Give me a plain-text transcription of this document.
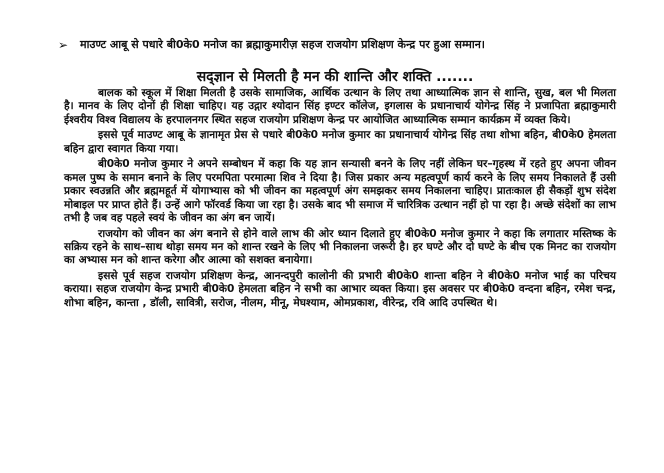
➢	माउण्ट आबू से पधारे बी0के0 मनोज का ब्रह्माकुमारीज़ सहज राजयोग प्रशिक्षण केन्द्र पर हुआ सम्मान।
सद्ज्ञान से मिलती है मन की शान्ति और शक्ति .......

बालक को स्कूल में शिक्षा मिलती है उसके सामाजिक, आर्थिक उत्थान के लिए तथा आध्यात्मिक ज्ञान से शान्ति, सुख, बल भी मिलता है। मानव के लिए दोनों ही शिक्षा चाहिए। यह उद्गार श्योदान सिंह इण्टर कॉलेज, इगलास के प्रधानाचार्य योगेन्द्र सिंह ने प्रजापिता ब्रह्माकुमारी ईश्वरीय विश्व विद्यालय के हरपालनगर स्थित सहज राजयोग प्रशिक्षण केन्द्र पर आयोजित आध्यात्मिक सम्मान कार्यक्रम में व्यक्त किये।

इससे पूर्व माउण्ट आबू के ज्ञानामृत प्रेस से पधारे बी0के0 मनोज कुमार का प्रधानाचार्य योगेन्द्र सिंह तथा शोभा बहिन, बी0के0 हेमलता बहिन द्वारा स्वागत किया गया।

बी0के0 मनोज कुमार ने अपने सम्बोधन में कहा कि यह ज्ञान सन्यासी बनने के लिए नहीं लेकिन घर–गृहस्थ में रहते हुए अपना जीवन कमल पुष्प के समान बनाने के लिए परमपिता परमात्मा शिव ने दिया है। जिस प्रकार अन्य महत्वपूर्ण कार्य करने के लिए समय निकालते हैं उसी प्रकार स्वउन्नति और ब्रह्ममहूर्त में योगाभ्यास को भी जीवन का महत्वपूर्ण अंग समझकर समय निकालना चाहिए। प्रातःकाल ही सैकड़ों शुभ संदेश मोबाइल पर प्राप्त होते हैं। उन्हें आगे फॉरवर्ड किया जा रहा है। उसके बाद भी समाज में चारित्रिक उत्थान नहीं हो पा रहा है। अच्छे संदेशों का लाभ तभी है जब वह पहले स्वयं के जीवन का अंग बन जायें।

राजयोग को जीवन का अंग बनाने से होने वाले लाभ की ओर ध्यान दिलाते हुए बी0के0 मनोज कुमार ने कहा कि लगातार मस्तिष्क के सक्रिय रहने के साथ–साथ थोड़ा समय मन को शान्त रखने के लिए भी निकालना जरूरी है। हर घण्टे और दो घण्टे के बीच एक मिनट का राजयोग का अभ्यास मन को शान्त करेगा और आत्मा को सशक्त बनायेगा।

इससे पूर्व सहज राजयोग प्रशिक्षण केन्द्र, आनन्दपुरी कालोनी की प्रभारी बी0के0 शान्ता बहिन ने बी0के0 मनोज भाई का परिचय कराया। सहज राजयोग केन्द्र प्रभारी बी0के0 हेमलता बहिन ने सभी का आभार व्यक्त किया। इस अवसर पर बी0के0 वन्दना बहिन, रमेश चन्द्र, शोभा बहिन, कान्ता , डॉली, सावित्री, सरोज, नीलम, मीनू, मेघश्याम, ओमप्रकाश, वीरेन्द्र, रवि आदि उपस्थित थे।
